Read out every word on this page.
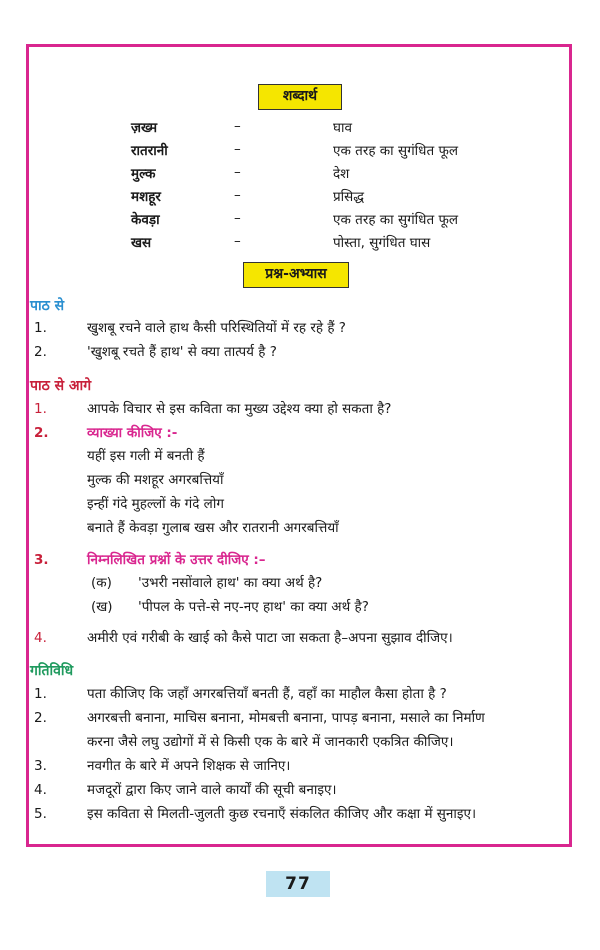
शब्दार्थ
ज़ख्म	–	घाव
रातरानी	–	एक तरह का सुगंधित फूल
मुल्क	–	देश
मशहूर	–	प्रसिद्ध
केवड़ा	–	एक तरह का सुगंधित फूल
खस	–	पोस्ता, सुगंधित घास
प्रश्न-अभ्यास
पाठ से
1.	खुशबू रचने वाले हाथ कैसी परिस्थितियों में रह रहे हैं ?
2.	'खुशबू रचते हैं हाथ' से क्या तात्पर्य है ?
पाठ से आगे
1.	आपके विचार से इस कविता का मुख्य उद्देश्य क्या हो सकता है?
2.	व्याख्या कीजिए :-
यहीं इस गली में बनती हैं
मुल्क की मशहूर अगरबत्तियाँ
इन्हीं गंदे मुहल्लों के गंदे लोग
बनाते हैं केवड़ा गुलाब खस और रातरानी अगरबत्तियाँ
3.	निम्नलिखित प्रश्नों के उत्तर दीजिए :–
(क) 'उभरी नसोंवाले हाथ' का क्या अर्थ है?
(ख) 'पीपल के पत्ते-से नए-नए हाथ' का क्या अर्थ है?
4.	अमीरी एवं गरीबी के खाई को कैसे पाटा जा सकता है–अपना सुझाव दीजिए।
गतिविधि
1.	पता कीजिए कि जहाँ अगरबत्तियाँ बनती हैं, वहाँ का माहौल कैसा होता है ?
2.	अगरबत्ती बनाना, माचिस बनाना, मोमबत्ती बनाना, पापड़ बनाना, मसाले का निर्माण
करना जैसे लघु उद्योगों में से किसी एक के बारे में जानकारी एकत्रित कीजिए।
3.	नवगीत के बारे में अपने शिक्षक से जानिए।
4.	मजदूरों द्वारा किए जाने वाले कार्यों की सूची बनाइए।
5.	इस कविता से मिलती-जुलती कुछ रचनाएँ संकलित कीजिए और कक्षा में सुनाइए।
77
